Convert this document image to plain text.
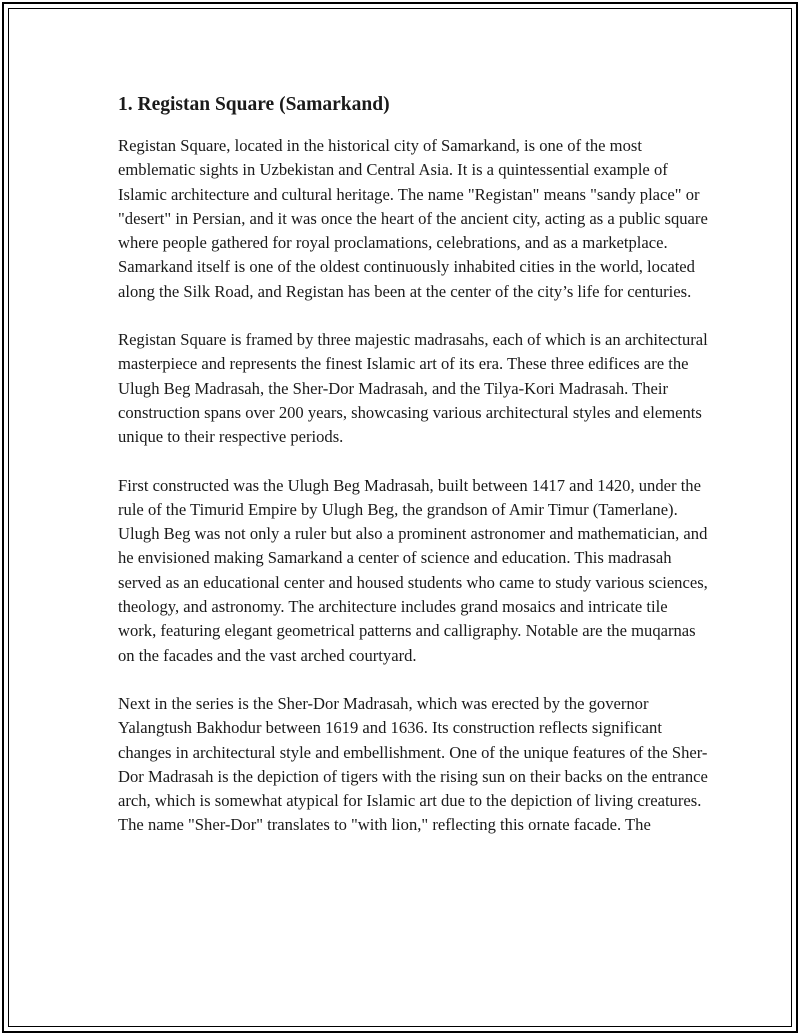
1. Registan Square (Samarkand)

Registan Square, located in the historical city of Samarkand, is one of the most emblematic sights in Uzbekistan and Central Asia. It is a quintessential example of Islamic architecture and cultural heritage. The name "Registan" means "sandy place" or "desert" in Persian, and it was once the heart of the ancient city, acting as a public square where people gathered for royal proclamations, celebrations, and as a marketplace. Samarkand itself is one of the oldest continuously inhabited cities in the world, located along the Silk Road, and Registan has been at the center of the city’s life for centuries.

Registan Square is framed by three majestic madrasahs, each of which is an architectural masterpiece and represents the finest Islamic art of its era. These three edifices are the Ulugh Beg Madrasah, the Sher-Dor Madrasah, and the Tilya-Kori Madrasah. Their construction spans over 200 years, showcasing various architectural styles and elements unique to their respective periods.

First constructed was the Ulugh Beg Madrasah, built between 1417 and 1420, under the rule of the Timurid Empire by Ulugh Beg, the grandson of Amir Timur (Tamerlane). Ulugh Beg was not only a ruler but also a prominent astronomer and mathematician, and he envisioned making Samarkand a center of science and education. This madrasah served as an educational center and housed students who came to study various sciences, theology, and astronomy. The architecture includes grand mosaics and intricate tile work, featuring elegant geometrical patterns and calligraphy. Notable are the muqarnas on the facades and the vast arched courtyard.

Next in the series is the Sher-Dor Madrasah, which was erected by the governor Yalangtush Bakhodur between 1619 and 1636. Its construction reflects significant changes in architectural style and embellishment. One of the unique features of the Sher-Dor Madrasah is the depiction of tigers with the rising sun on their backs on the entrance arch, which is somewhat atypical for Islamic art due to the depiction of living creatures. The name "Sher-Dor" translates to "with lion," reflecting this ornate facade. The
